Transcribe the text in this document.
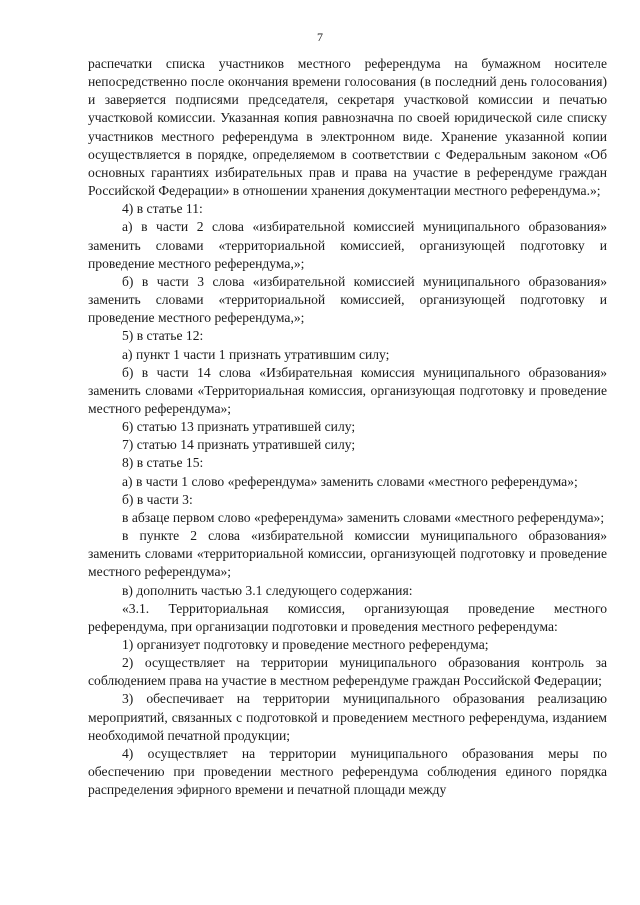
7

распечатки списка участников местного референдума на бумажном носителе непосредственно после окончания времени голосования (в последний день голосования) и заверяется подписями председателя, секретаря участковой комиссии и печатью участковой комиссии. Указанная копия равнозначна по своей юридической силе списку участников местного референдума в электронном виде. Хранение указанной копии осуществляется в порядке, определяемом в соответствии с Федеральным законом «Об основных гарантиях избирательных прав и права на участие в референдуме граждан Российской Федерации» в отношении хранения документации местного референдума.»;

4) в статье 11:

а) в части 2 слова «избирательной комиссией муниципального образования» заменить словами «территориальной комиссией, организующей подготовку и проведение местного референдума,»;

б) в части 3 слова «избирательной комиссией муниципального образования» заменить словами «территориальной комиссией, организующей подготовку и проведение местного референдума,»;

5) в статье 12:

а) пункт 1 части 1 признать утратившим силу;

б) в части 14 слова «Избирательная комиссия муниципального образования» заменить словами «Территориальная комиссия, организующая подготовку и проведение местного референдума»;

6) статью 13 признать утратившей силу;

7) статью 14 признать утратившей силу;

8) в статье 15:

а) в части 1 слово «референдума» заменить словами «местного референдума»;

б) в части 3:

в абзаце первом слово «референдума» заменить словами «местного референдума»;

в пункте 2 слова «избирательной комиссии муниципального образования» заменить словами «территориальной комиссии, организующей подготовку и проведение местного референдума»;

в) дополнить частью 3.1 следующего содержания:

«3.1. Территориальная комиссия, организующая проведение местного референдума, при организации подготовки и проведения местного референдума:

1) организует подготовку и проведение местного референдума;

2) осуществляет на территории муниципального образования контроль за соблюдением права на участие в местном референдуме граждан Российской Федерации;

3) обеспечивает на территории муниципального образования реализацию мероприятий, связанных с подготовкой и проведением местного референдума, изданием необходимой печатной продукции;

4) осуществляет на территории муниципального образования меры по обеспечению при проведении местного референдума соблюдения единого порядка распределения эфирного времени и печатной площади между
